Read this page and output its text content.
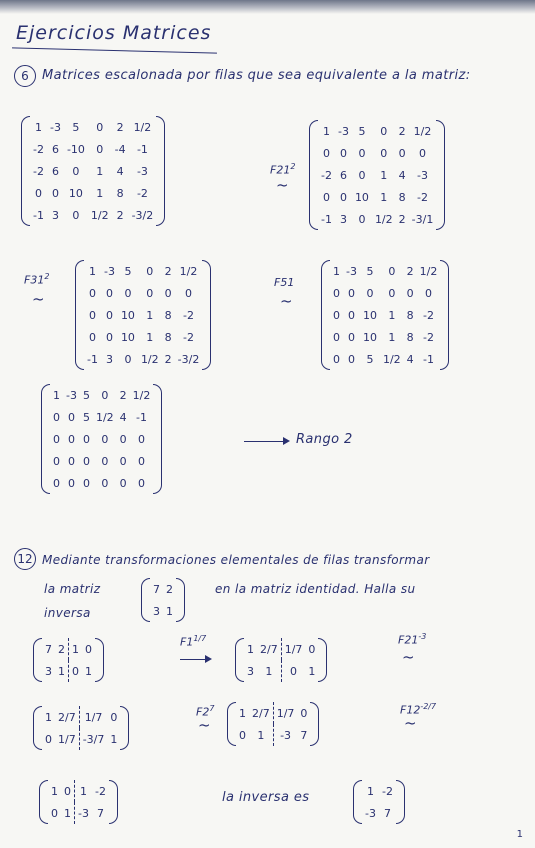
Ejercicios Matrices
6	Matrices escalonada por filas que sea equivalente a la matriz:
1	-3	5	0	2	1/2
-2	6	-10	0	-4	-1
-2	6	0	1	4	-3
0	0	10	1	8	-2
-1	3	0	1/2	2	-3/2
$F21^2$
~
1	-3	5	0	2	1/2
0	0	0	0	0	0
-2	6	0	1	4	-3
0	0	10	1	8	-2
-1	3	0	1/2	2	-3/1
$F31^2$
~
1	-3	5	0	2	1/2
0	0	0	0	0	0
0	0	10	1	8	-2
0	0	10	1	8	-2
-1	3	0	1/2	2	-3/2
F51
~
1	-3	5	0	2	1/2
0	0	0	0	0	0
0	0	10	1	8	-2
0	0	10	1	8	-2
0	0	5	1/2	4	-1
1	-3	5	0	2	1/2
0	0	5	1/2	4	-1
0	0	0	0	0	0
0	0	0	0	0	0
0	0	0	0	0	0
Rango 2
12 Mediante transformaciones elementales de filas transformar
la matriz	7	2
3	1
en la matriz identidad. Halla su
inversa
7	2	1	0
3	1	0	1
$F1^{1/7}$
1	2/7	1/7	0
3	1	0	1
$F21^{-3}$
~
1	2/7	1/7	0
0	1/7	-3/7	1
$F2^7$
~
1	2/7	1/7	0
0	1	-3	7
$F12^{-2/7}$
~
1	0	1	-2
0	1	-3	7
la inversa es	1	-2
-3	7
1
